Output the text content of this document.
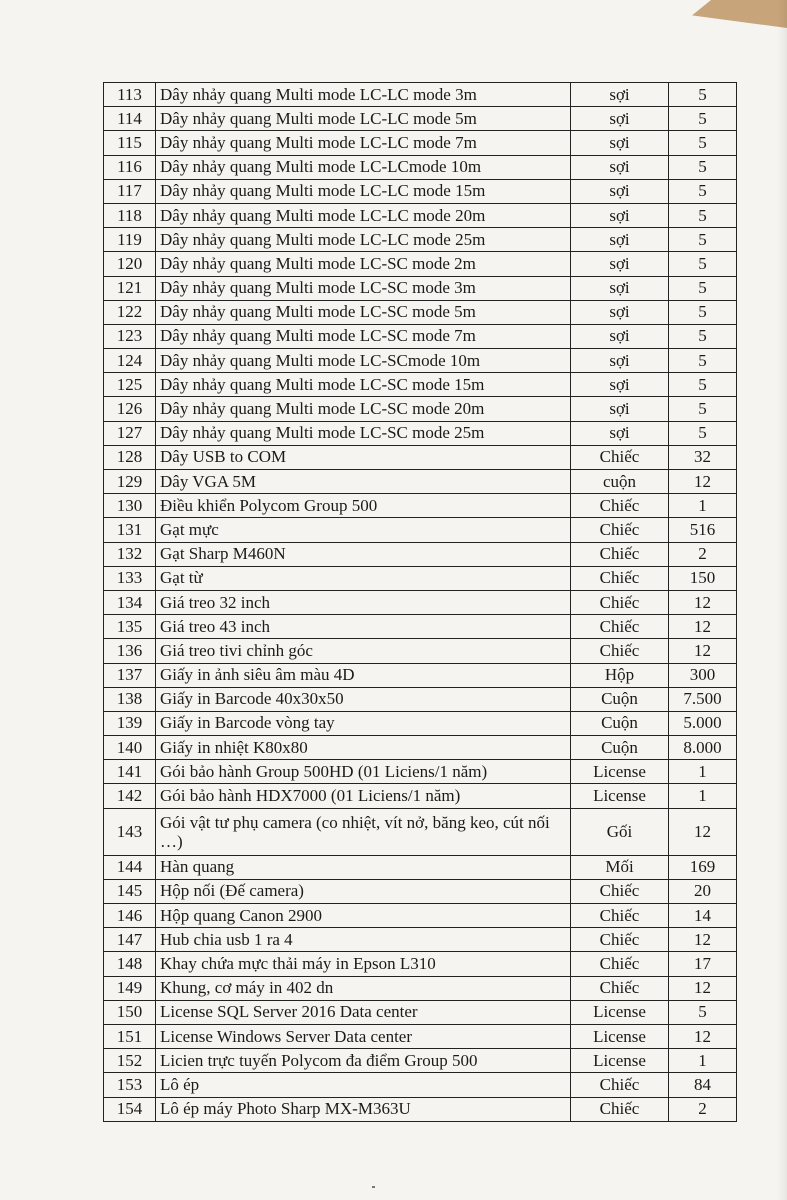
113	Dây nhảy quang Multi mode LC-LC mode 3m	sợi	5
114	Dây nhảy quang Multi mode LC-LC mode 5m	sợi	5
115	Dây nhảy quang Multi mode LC-LC mode 7m	sợi	5
116	Dây nhảy quang Multi mode LC-LCmode 10m	sợi	5
117	Dây nhảy quang Multi mode LC-LC mode 15m	sợi	5
118	Dây nhảy quang Multi mode LC-LC mode 20m	sợi	5
119	Dây nhảy quang Multi mode LC-LC mode 25m	sợi	5
120	Dây nhảy quang Multi mode LC-SC mode 2m	sợi	5
121	Dây nhảy quang Multi mode LC-SC mode 3m	sợi	5
122	Dây nhảy quang Multi mode LC-SC mode 5m	sợi	5
123	Dây nhảy quang Multi mode LC-SC mode 7m	sợi	5
124	Dây nhảy quang Multi mode LC-SCmode 10m	sợi	5
125	Dây nhảy quang Multi mode LC-SC mode 15m	sợi	5
126	Dây nhảy quang Multi mode LC-SC mode 20m	sợi	5
127	Dây nhảy quang Multi mode LC-SC mode 25m	sợi	5
128	Dây USB to COM	Chiếc	32
129	Dây VGA 5M	cuộn	12
130	Điều khiển Polycom Group 500	Chiếc	1
131	Gạt mực	Chiếc	516
132	Gạt Sharp M460N	Chiếc	2
133	Gạt từ	Chiếc	150
134	Giá treo 32 inch	Chiếc	12
135	Giá treo 43 inch	Chiếc	12
136	Giá treo tivi chỉnh góc	Chiếc	12
137	Giấy in ảnh siêu âm màu 4D	Hộp	300
138	Giấy in Barcode 40x30x50	Cuộn	7.500
139	Giấy in Barcode vòng tay	Cuộn	5.000
140	Giấy in nhiệt K80x80	Cuộn	8.000
141	Gói bảo hành Group 500HD (01 Liciens/1 năm)	License	1
142	Gói bảo hành HDX7000 (01 Liciens/1 năm)	License	1
143	Gói vật tư phụ camera (co nhiệt, vít nở, băng keo, cút nối …)	Gối	12
144	Hàn quang	Mối	169
145	Hộp nối (Đế camera)	Chiếc	20
146	Hộp quang Canon 2900	Chiếc	14
147	Hub chia usb 1 ra 4	Chiếc	12
148	Khay chứa mực thải máy in Epson L310	Chiếc	17
149	Khung, cơ máy in 402 dn	Chiếc	12
150	License SQL Server 2016 Data center	License	5
151	License Windows Server Data center	License	12
152	Licien trực tuyến Polycom đa điểm Group 500	License	1
153	Lô ép	Chiếc	84
154	Lô ép máy Photo Sharp MX-M363U	Chiếc	2
